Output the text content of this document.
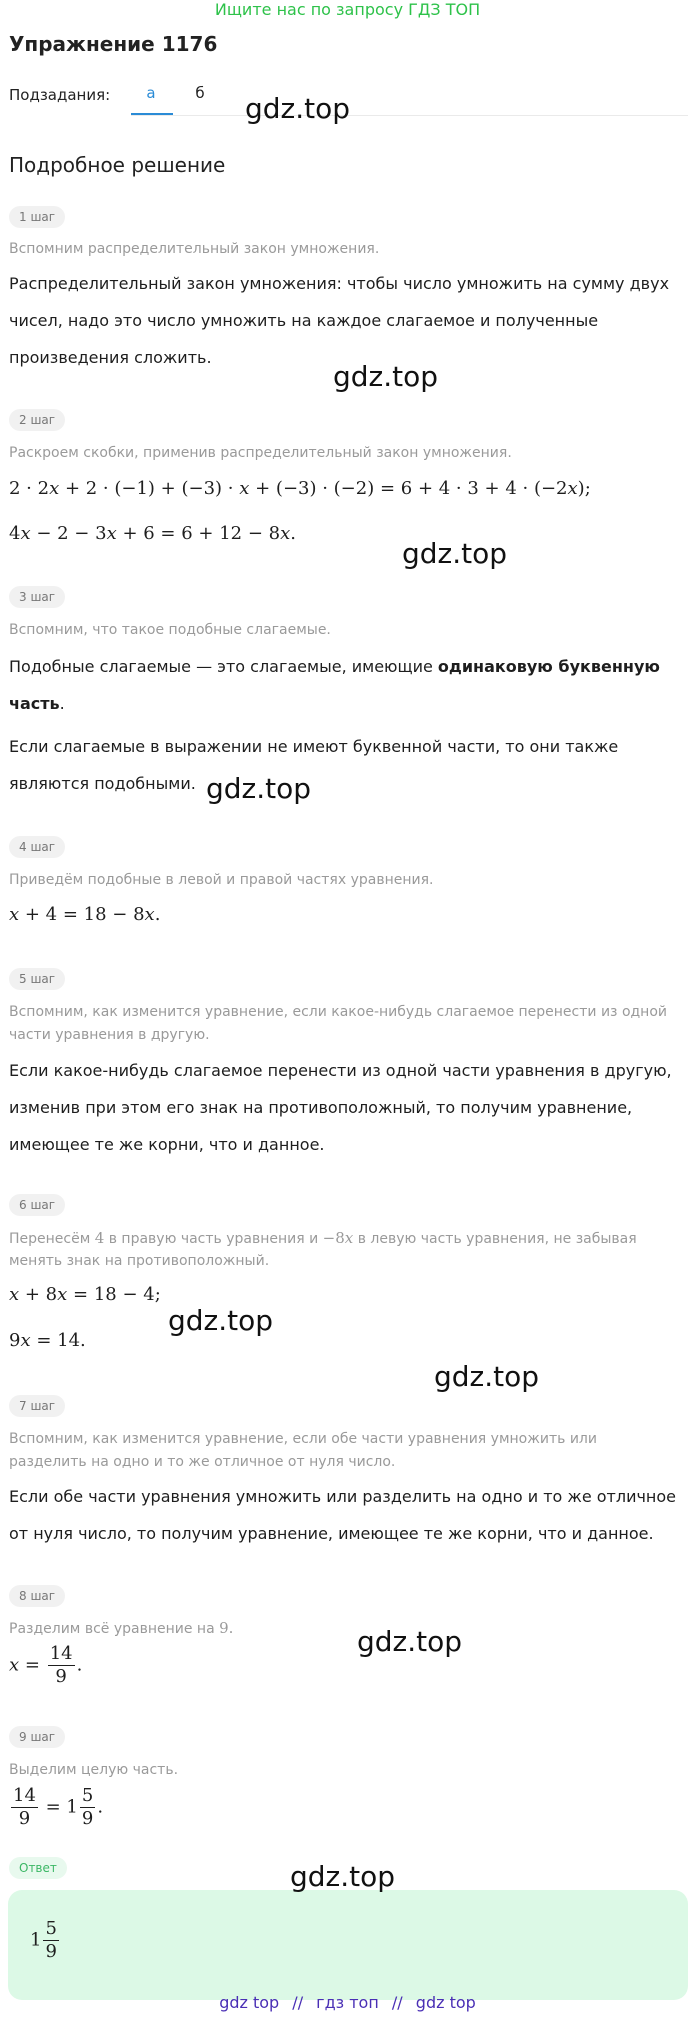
Ищите нас по запросу ГДЗ ТОП
Упражнение 1176
Подзадания:	а	б
Подробное решение
1 шаг
Вспомним распределительный закон умножения.
Распределительный закон умножения: чтобы число умножить на сумму двух
чисел, надо это число умножить на каждое слагаемое и полученные
произведения сложить.
2 шаг
Раскроем скобки, применив распределительный закон умножения.
2 · 2x + 2 · (−1) + (−3) · x + (−3) · (−2) = 6 + 4 · 3 + 4 · (−2x);
4x − 2 − 3x + 6 = 6 + 12 − 8x.
3 шаг
Вспомним, что такое подобные слагаемые.
Подобные слагаемые — это слагаемые, имеющие одинаковую буквенную
часть.
Если слагаемые в выражении не имеют буквенной части, то они также
являются подобными.
4 шаг
Приведём подобные в левой и правой частях уравнения.
x + 4 = 18 − 8x.
5 шаг
Вспомним, как изменится уравнение, если какое-нибудь слагаемое перенести из одной
части уравнения в другую.
Если какое-нибудь слагаемое перенести из одной части уравнения в другую,
изменив при этом его знак на противоположный, то получим уравнение,
имеющее те же корни, что и данное.
6 шаг
Перенесём 4 в правую часть уравнения и −8x в левую часть уравнения, не забывая
менять знак на противоположный.
x + 8x = 18 − 4;
9x = 14.
7 шаг
Вспомним, как изменится уравнение, если обе части уравнения умножить или
разделить на одно и то же отличное от нуля число.
Если обе части уравнения умножить или разделить на одно и то же отличное
от нуля число, то получим уравнение, имеющее те же корни, что и данное.
8 шаг
Разделим всё уравнение на 9.
$x = \frac{14}{9}$ .
9 шаг
Выделим целую часть.
$\frac{14}{9} = 1 \frac{5}{9}$ .
Ответ
$1 \frac{5}{9}$
gdz.top
gdz.top
gdz.top
gdz.top
gdz.top
gdz.top
gdz.top
gdz.top
gdz top // гдз топ // gdz top
